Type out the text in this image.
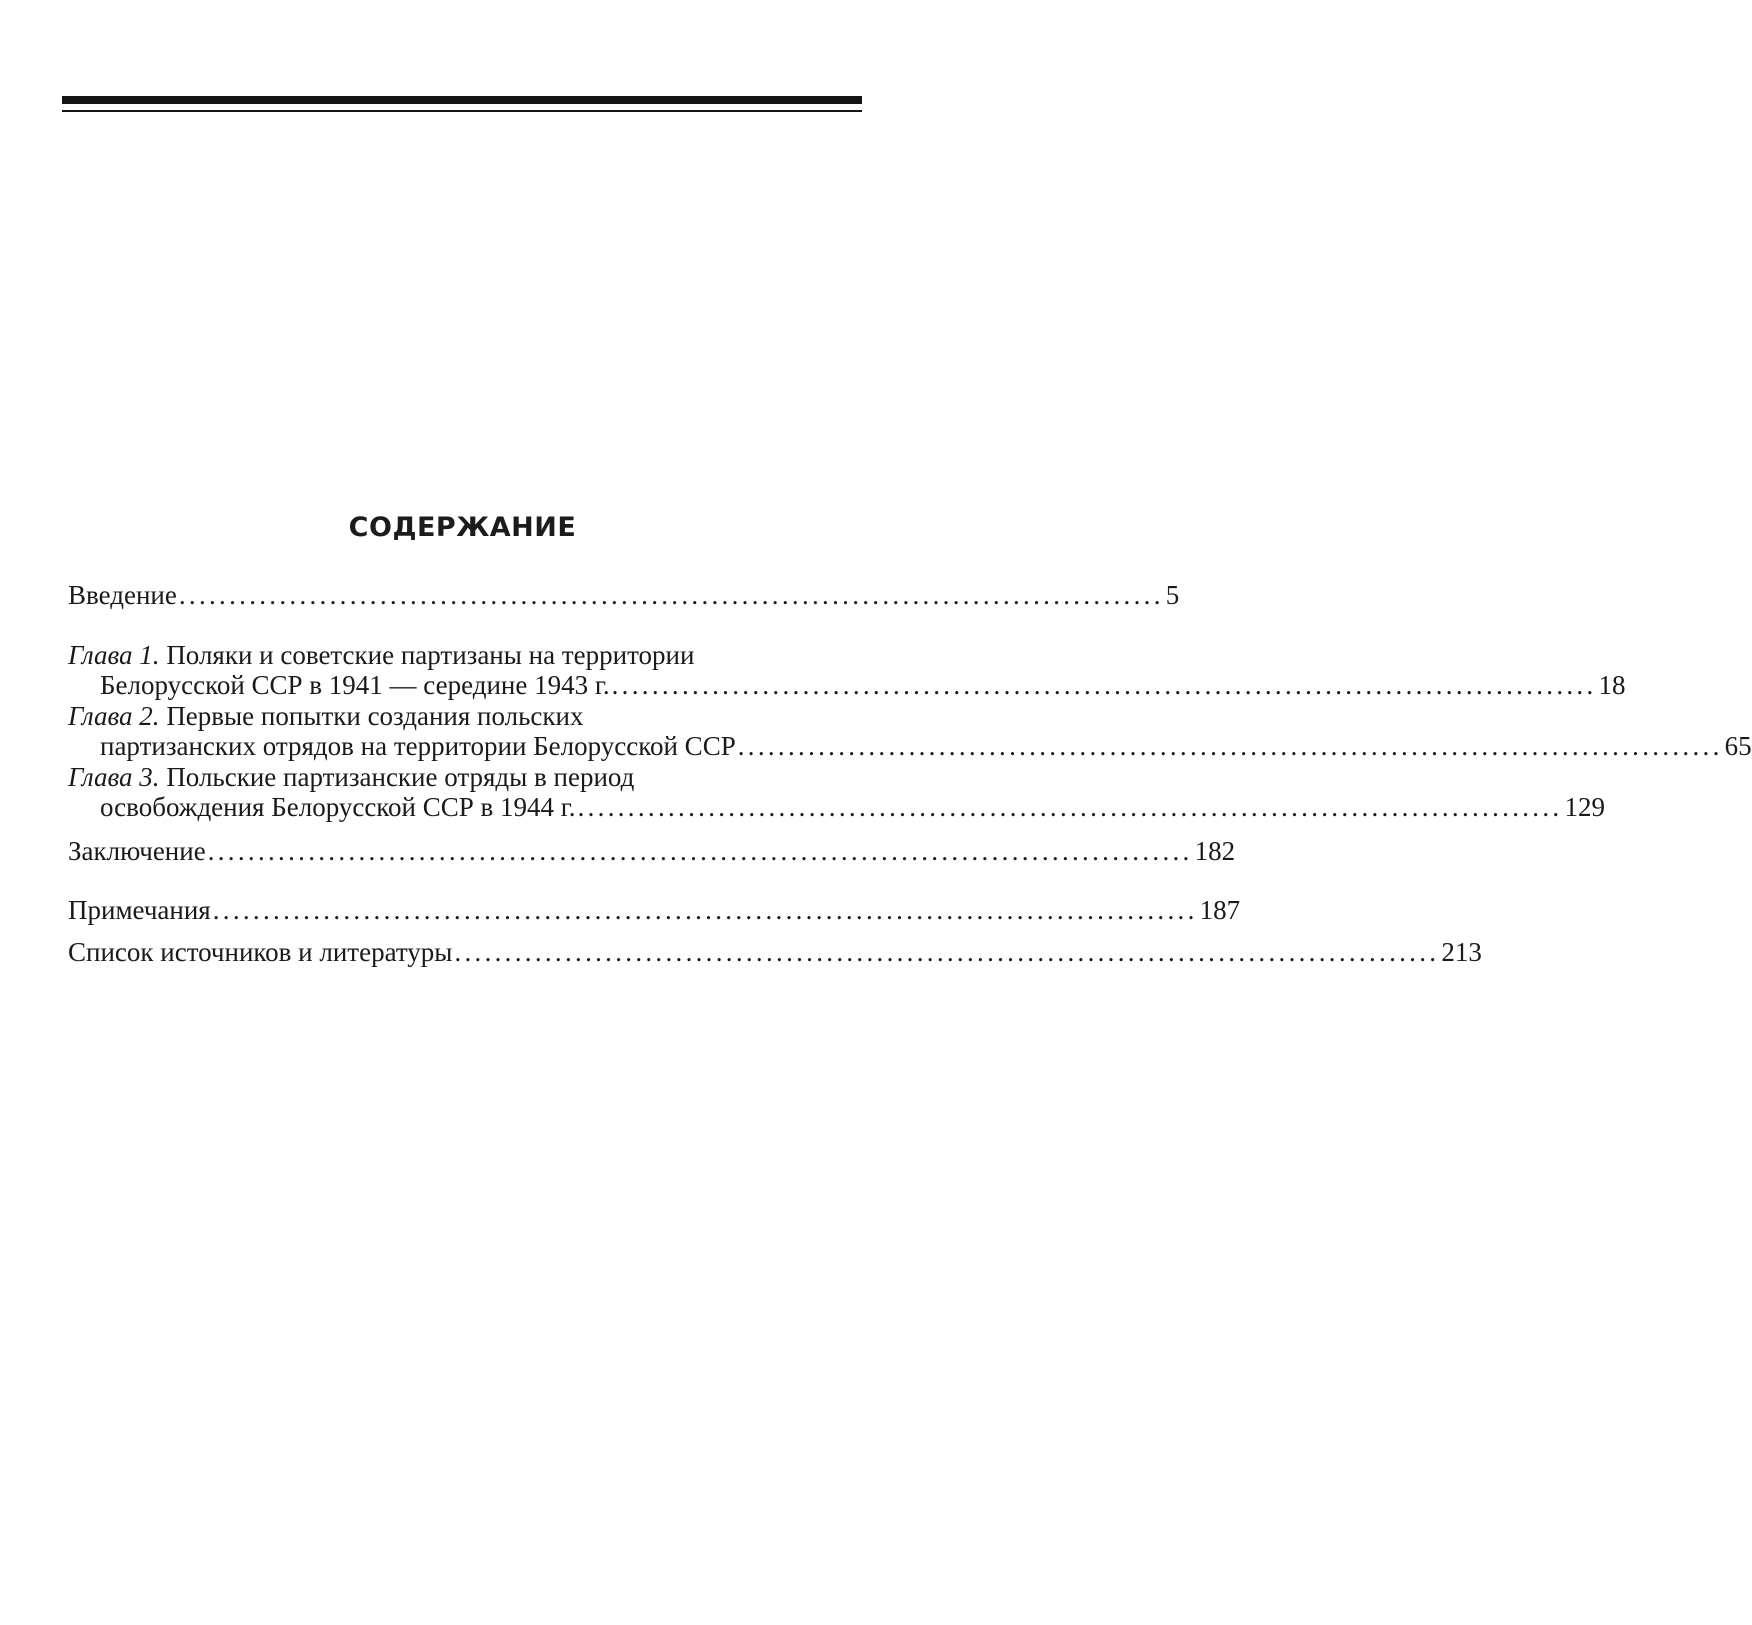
СОДЕРЖАНИЕ
Введение .................................................................................................. 5
Глава 1. Поляки и советские партизаны на территории
Белорусской ССР в 1941 — середине 1943 г. .................................................................................................. 18
Глава 2. Первые попытки создания польских
партизанских отрядов на территории Белорусской ССР .................................................................................................. 65
Глава 3. Польские партизанские отряды в период
освобождения Белорусской ССР в 1944 г. .................................................................................................. 129
Заключение .................................................................................................. 182
Примечания .................................................................................................. 187
Список источников и литературы .................................................................................................. 213
